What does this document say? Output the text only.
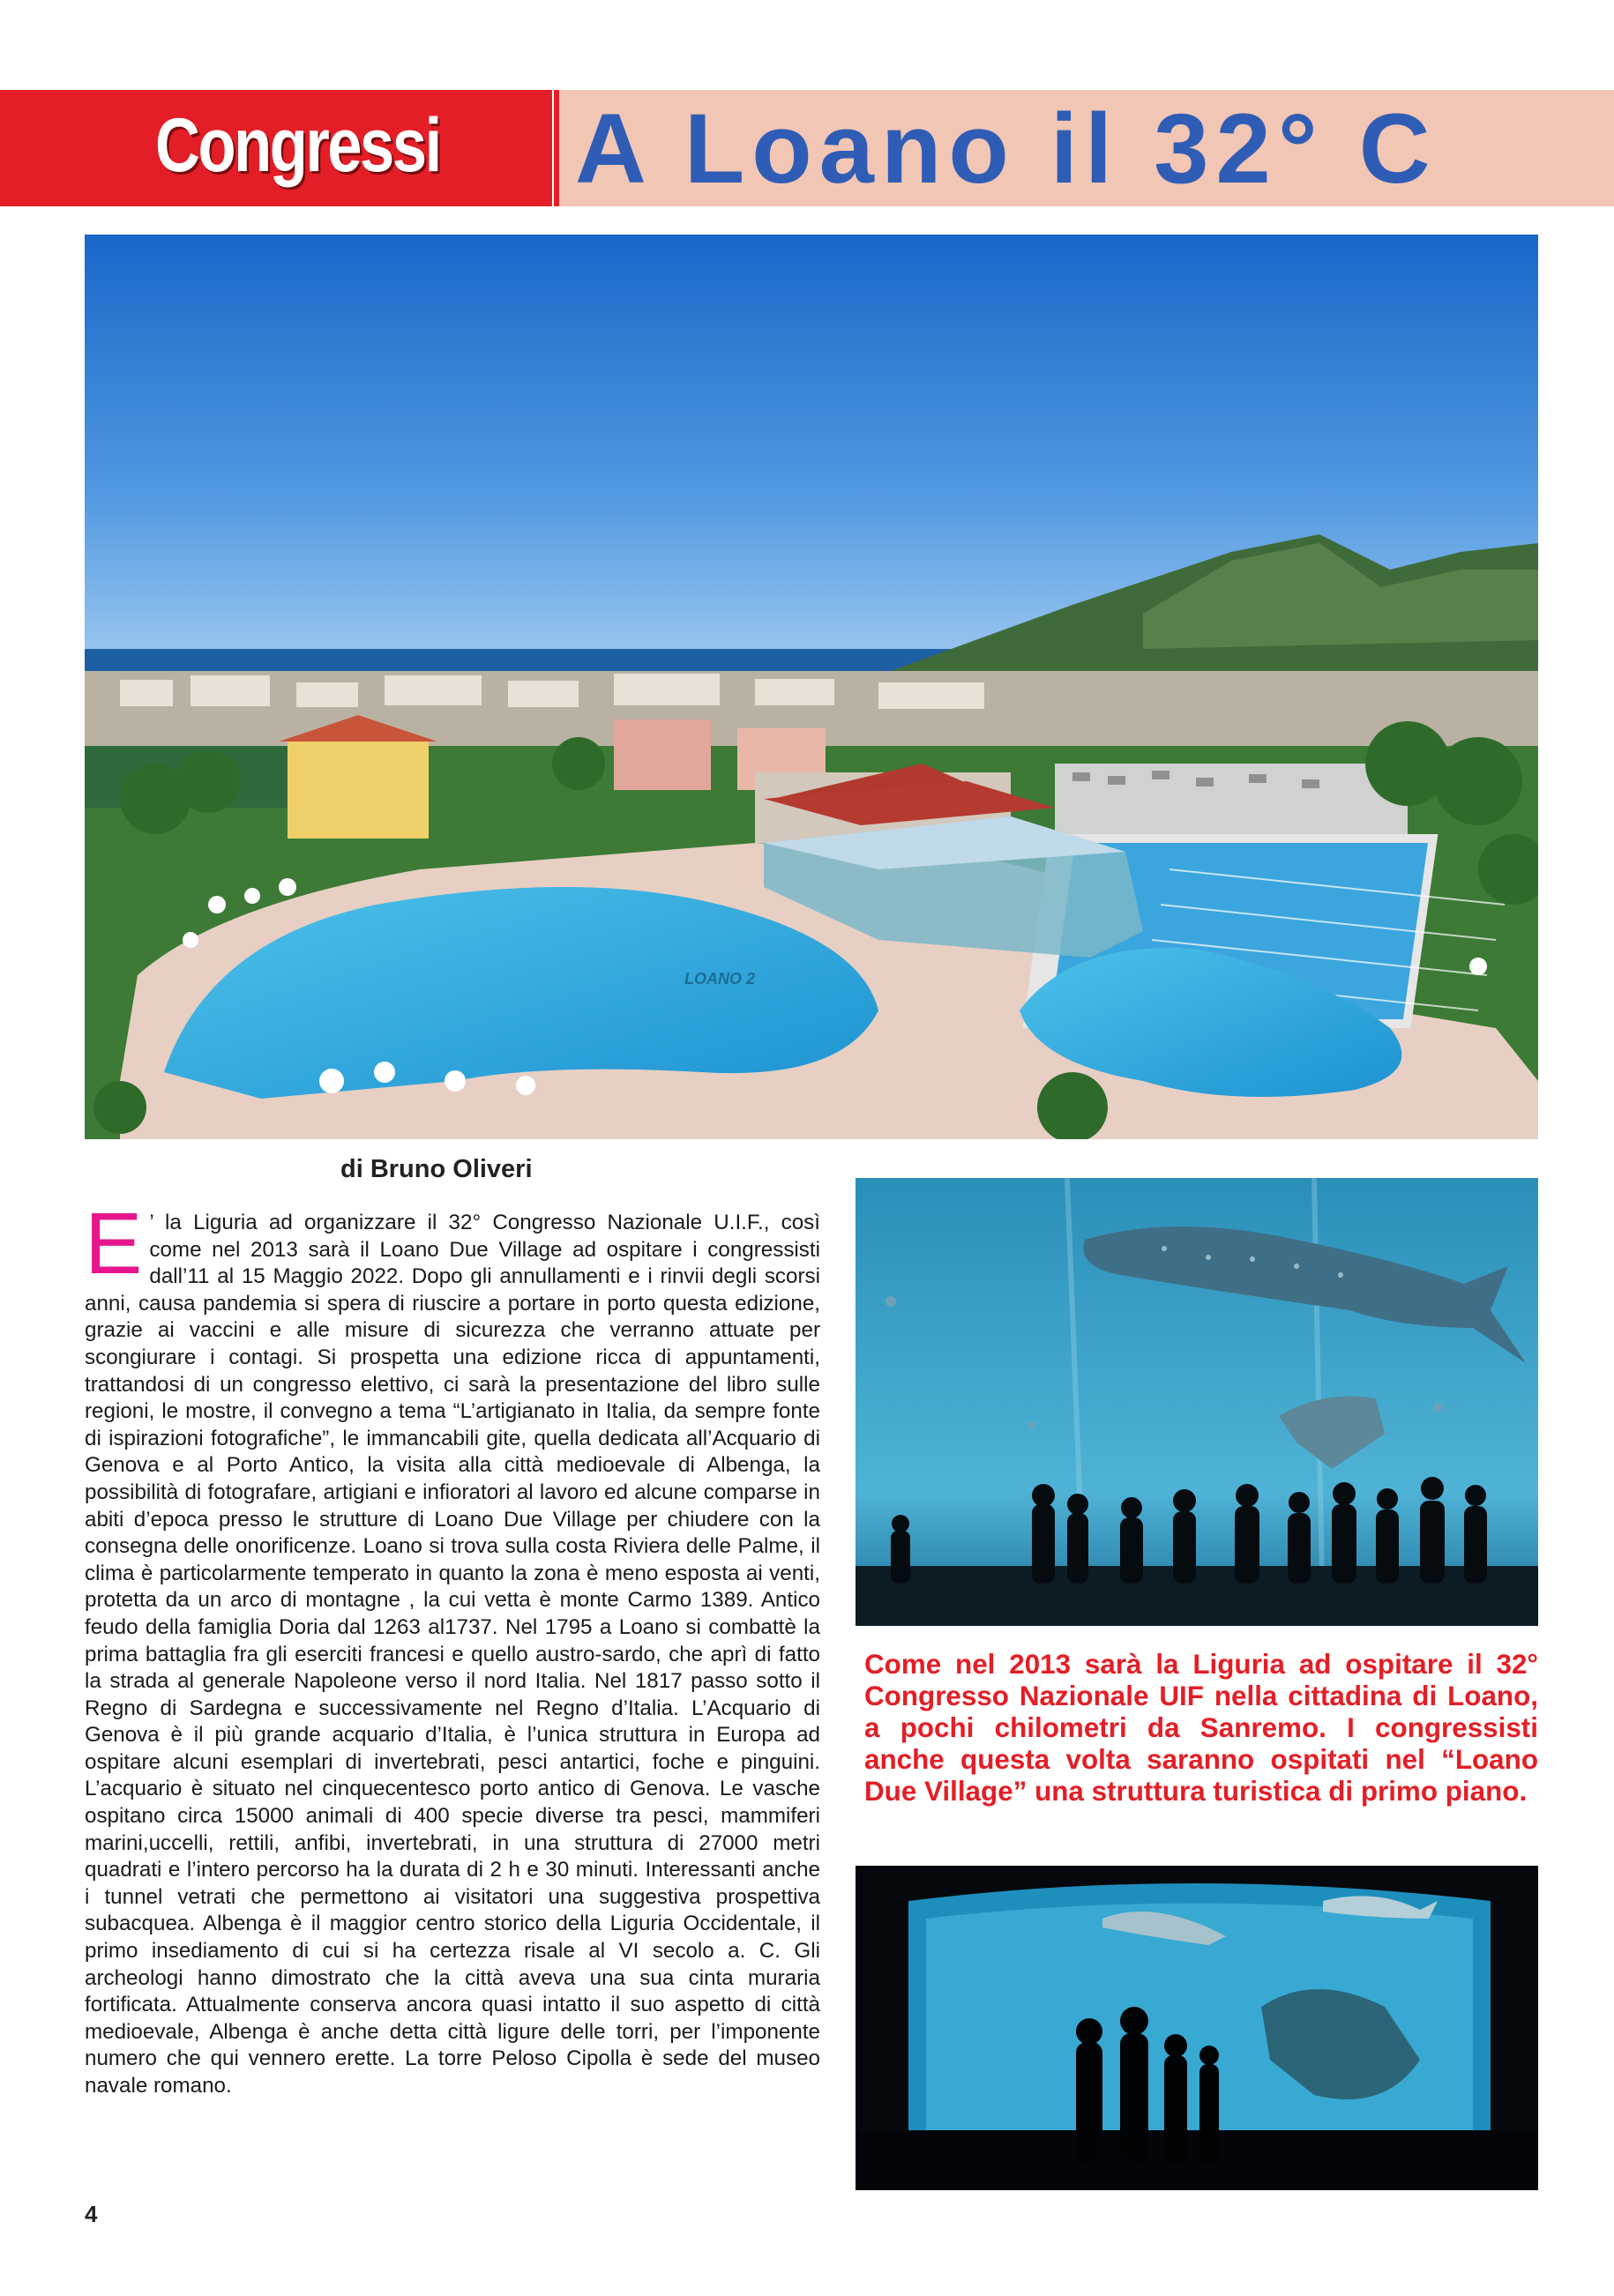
Congressi A Loano il 32° C
LOANO 2
di Bruno Oliveri
E ’ la Liguria ad organizzare il 32° Congresso Nazionale U.I.F., così come nel 2013 sarà il Loano Due Village ad ospitare i congressisti dall’11 al 15 Maggio 2022. Dopo gli annullamenti e i rinvii degli scorsi anni, causa pandemia si spera di riuscire a portare in porto questa edizione, grazie ai vaccini e alle misure di sicurezza che verranno attuate per scongiurare i contagi. Si prospetta una edizione ricca di appuntamenti, trattandosi di un congresso elettivo, ci sarà la presentazione del libro sulle regioni, le mostre, il convegno a tema “L’artigianato in Italia, da sempre fonte di ispirazioni fotografiche”, le immancabili gite, quella dedicata all’Acquario di Genova e al Porto Antico, la visita alla città medioevale di Albenga, la possibilità di fotografare, artigiani e infioratori al lavoro ed alcune comparse in abiti d’epoca presso le strutture di Loano Due Village per chiudere con la consegna delle onorificenze. Loano si trova sulla costa Riviera delle Palme, il clima è particolarmente temperato in quanto la zona è meno esposta ai venti, protetta da un arco di montagne , la cui vetta è monte Carmo 1389. Antico feudo della famiglia Doria dal 1263 al1737. Nel 1795 a Loano si combattè la prima battaglia fra gli eserciti francesi e quello austro-sardo, che aprì di fatto la strada al generale Napoleone verso il nord Italia. Nel 1817 passo sotto il Regno di Sardegna e successivamente nel Regno d’Italia. L’Acquario di Genova è il più grande acquario d’Italia, è l’unica struttura in Europa ad ospitare alcuni esemplari di invertebrati, pesci antartici, foche e pinguini. L’acquario è situato nel cinquecentesco porto antico di Genova. Le vasche ospitano circa 15000 animali di 400 specie diverse tra pesci, mammiferi marini,uccelli, rettili, anfibi, invertebrati, in una struttura di 27000 metri quadrati e l’intero percorso ha la durata di 2 h e 30 minuti. Interessanti anche i tunnel vetrati che permettono ai visitatori una suggestiva prospettiva subacquea. Albenga è il maggior centro storico della Liguria Occidentale, il primo insediamento di cui si ha certezza risale al VI secolo a. C. Gli archeologi hanno dimostrato che la città aveva una sua cinta muraria fortificata. Attualmente conserva ancora quasi intatto il suo aspetto di città medioevale, Albenga è anche detta città ligure delle torri, per l’imponente numero che qui vennero erette. La torre Peloso Cipolla è sede del museo navale romano.
Come nel 2013 sarà la Liguria ad ospitare il 32° Congresso Nazionale UIF nella cittadina di Loano, a pochi chilometri da Sanremo. I congressisti anche questa volta saranno ospitati nel “Loano Due Village” una struttura turistica di primo piano.
4
